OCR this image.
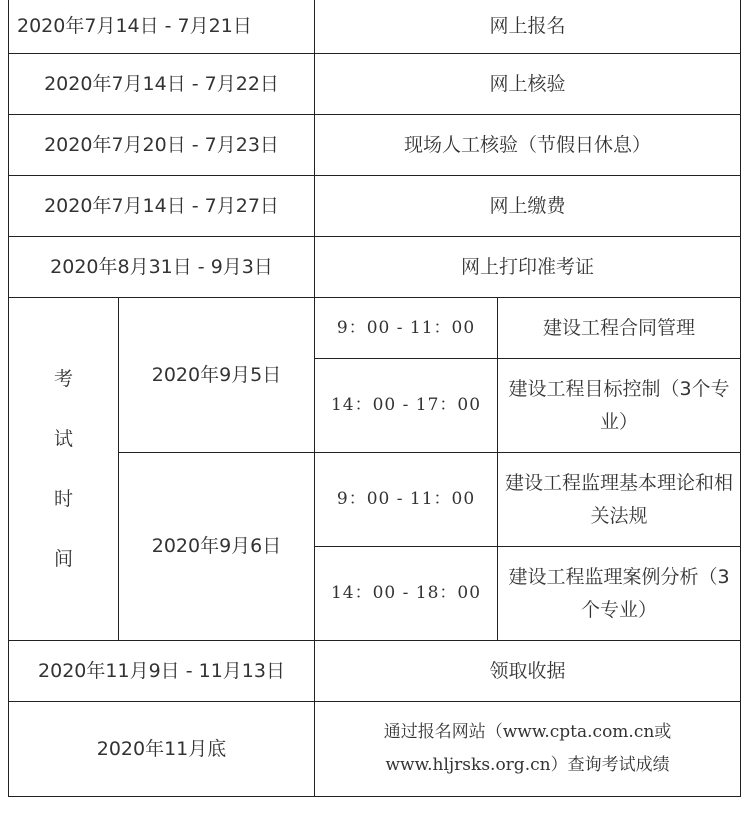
2020年7月14日 - 7月21日		网上报名	
2020年7月14日 - 7月22日		网上核验	
2020年7月20日 - 7月23日		现场人工核验（节假日休息）	
2020年7月14日 - 7月27日		网上缴费	
2020年8月31日 - 9月3日		网上打印准考证	

考
试
时
间	2020年9月5日	9：00 - 11：00	建设工程合同管理
		14：00 - 17：00	建设工程目标控制（3个专业）
	2020年9月6日	9：00 - 11：00	建设工程监理基本理论和相关法规
		14：00 - 18：00	建设工程监理案例分析（3个专业）
2020年11月9日 - 11月13日		领取收据	
2020年11月底		通过报名网站（www.cpta.com.cn或
www.hljrsks.org.cn）查询考试成绩	
